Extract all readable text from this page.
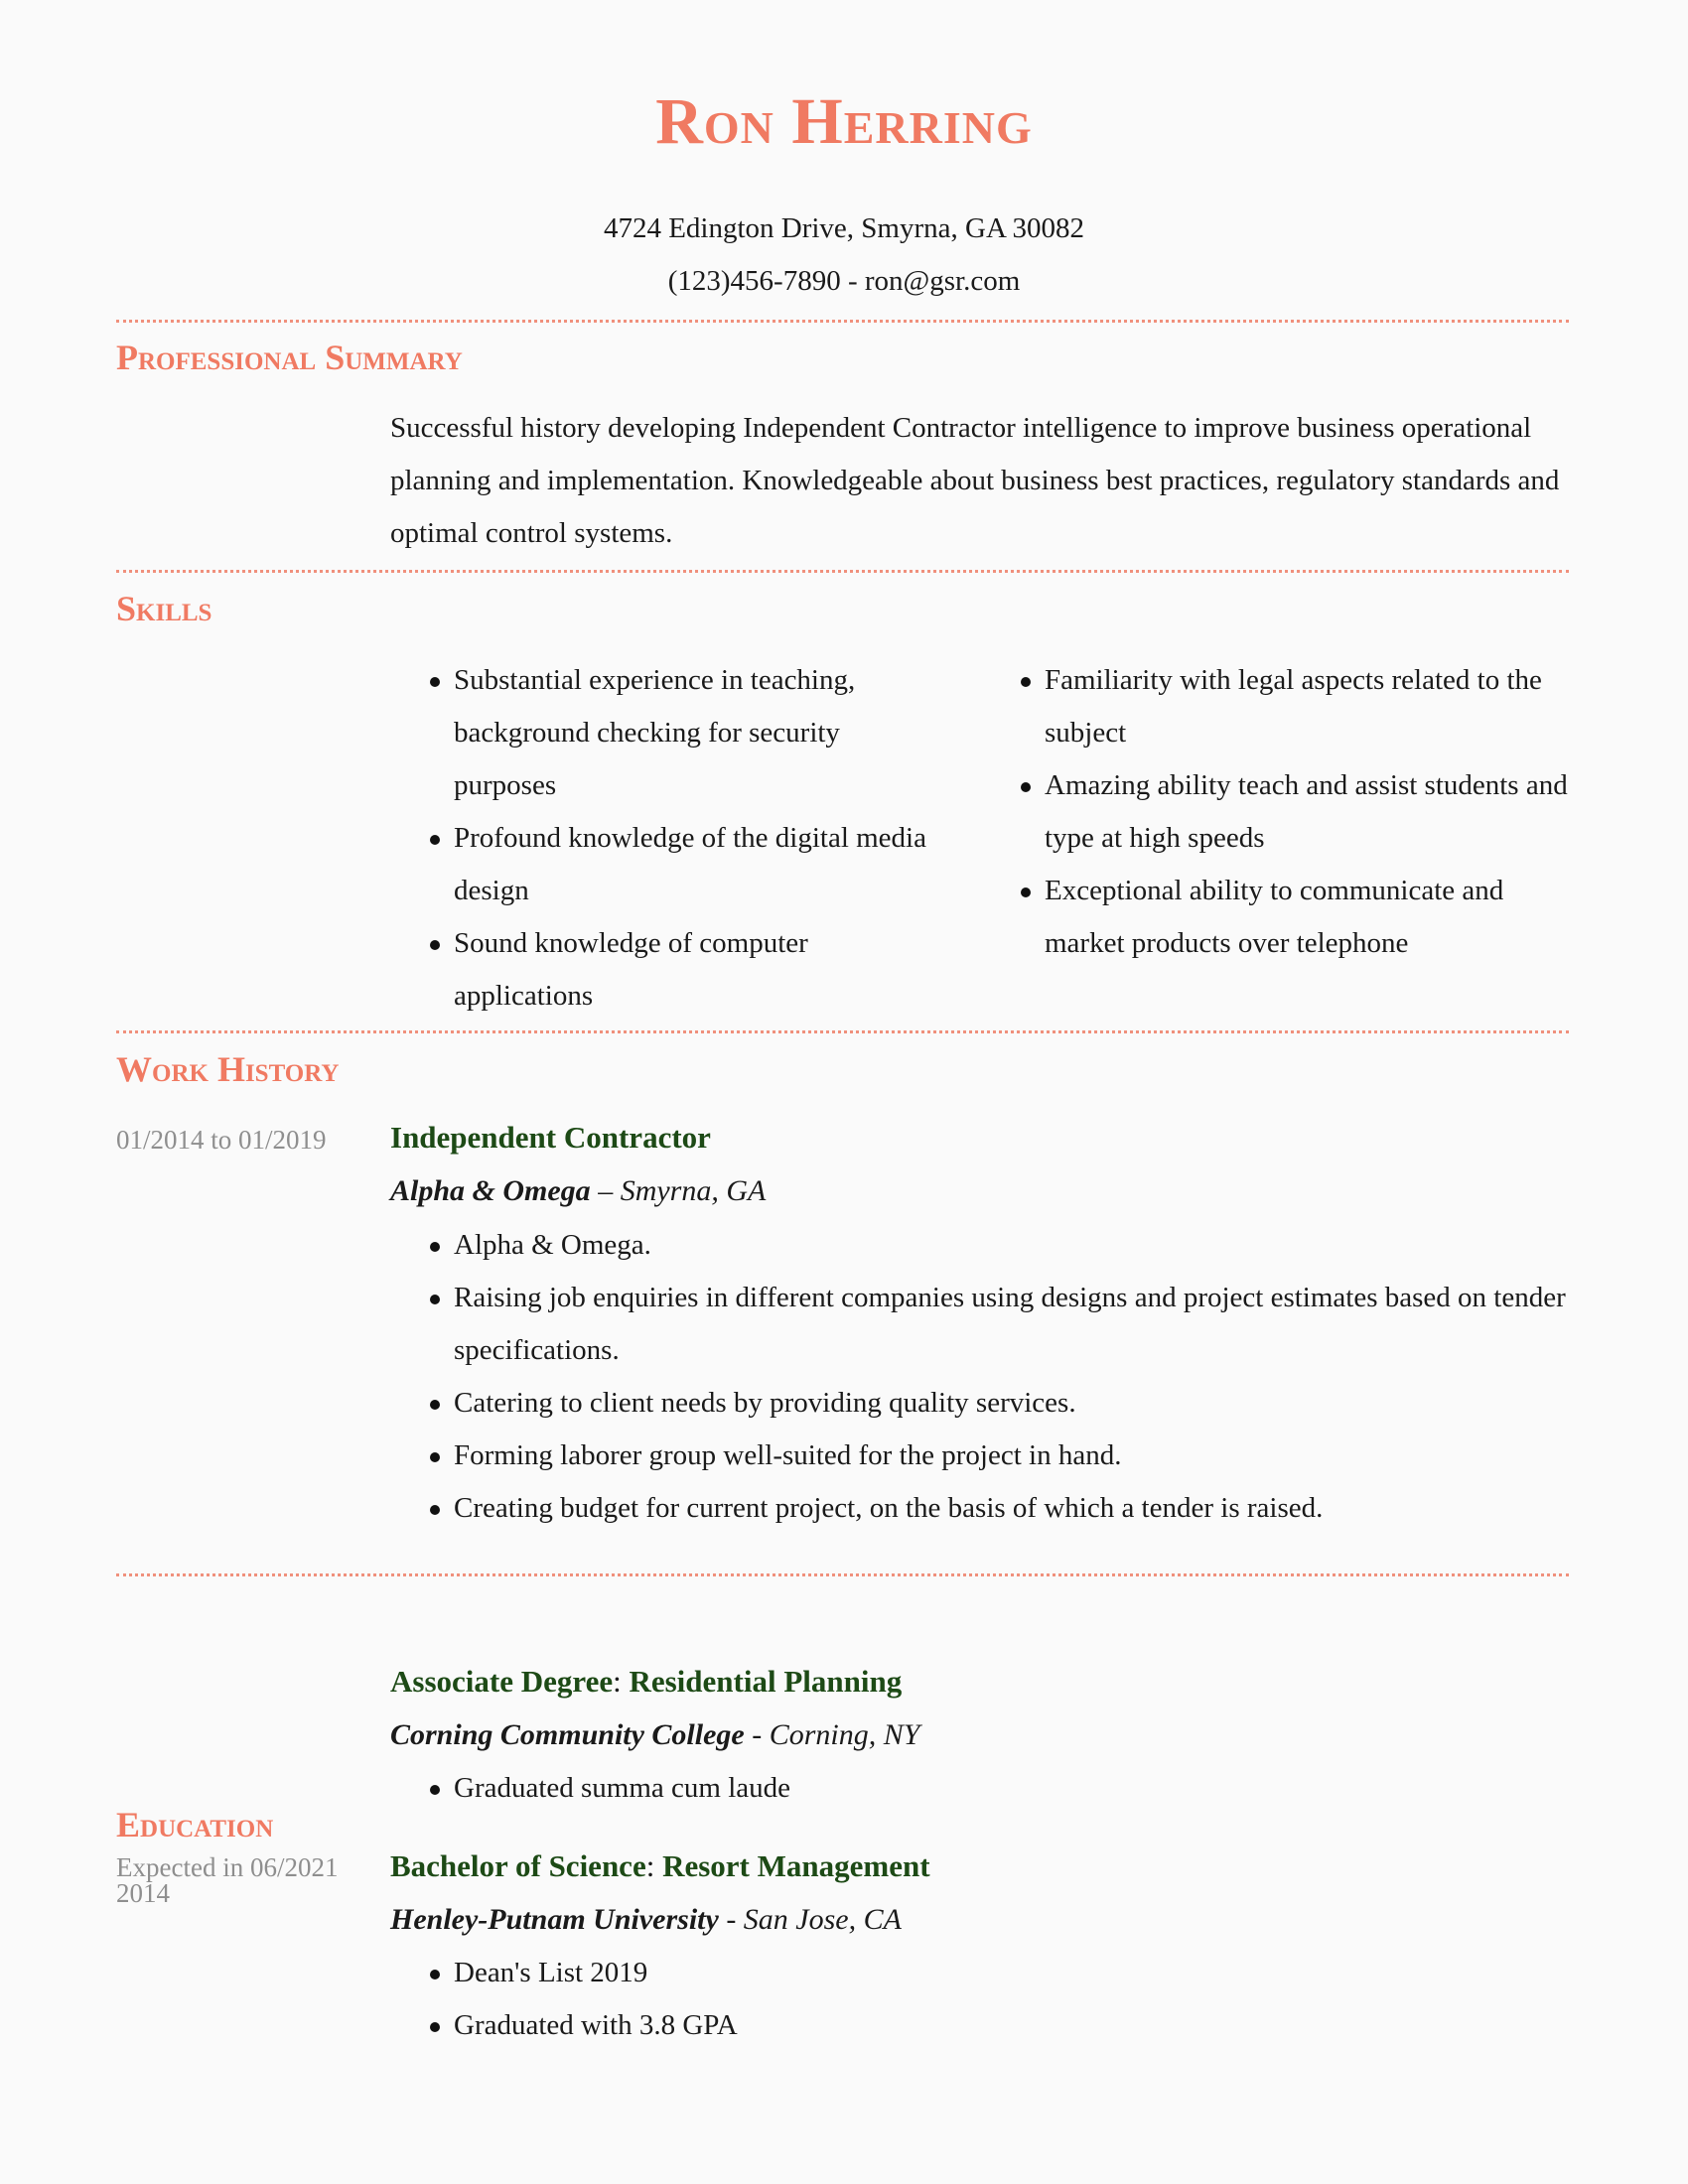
Ron Herring
4724 Edington Drive, Smyrna, GA 30082
(123)456-7890 - ron@gsr.com
Professional Summary

Successful history developing Independent Contractor intelligence to improve business operational planning and implementation. Knowledgeable about business best practices, regulatory standards and optimal control systems.

Skills
Substantial experience in teaching, background checking for security purposes
Profound knowledge of the digital media design
Sound knowledge of computer applications
Familiarity with legal aspects related to the subject
Amazing ability teach and assist students and type at high speeds
Exceptional ability to communicate and market products over telephone
Work History
01/2014 to 01/2019 Independent Contractor

Alpha & Omega – Smyrna, GA

Alpha & Omega.
Raising job enquiries in different companies using designs and project estimates based on tender specifications.
Catering to client needs by providing quality services.
Forming laborer group well-suited for the project in hand.
Creating budget for current project, on the basis of which a tender is raised.
Education
Expected in 06/2021
2014
Associate Degree: Residential Planning

Corning Community College - Corning, NY

Graduated summa cum laude
Bachelor of Science: Resort Management

Henley-Putnam University - San Jose, CA

Dean's List 2019
Graduated with 3.8 GPA
